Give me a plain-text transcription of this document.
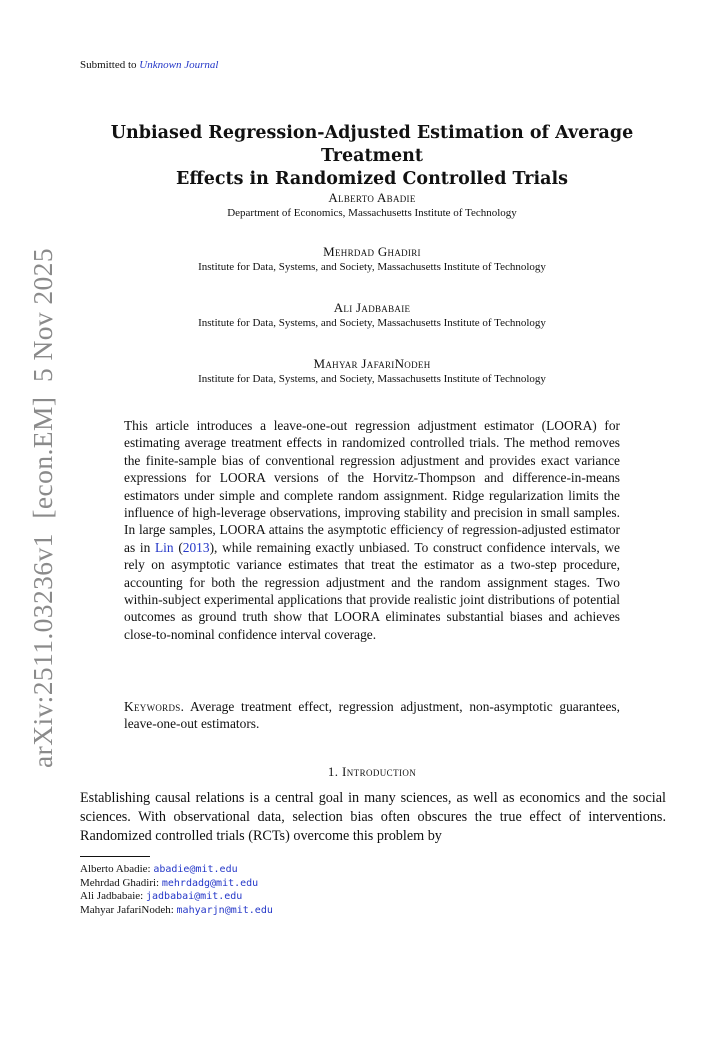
arXiv:2511.03236v1  [econ.EM]  5 Nov 2025
Submitted to Unknown Journal
Unbiased Regression-Adjusted Estimation of Average Treatment
Effects in Randomized Controlled Trials
Alberto Abadie
Department of Economics, Massachusetts Institute of Technology
Mehrdad Ghadiri
Institute for Data, Systems, and Society, Massachusetts Institute of Technology
Ali Jadbabaie
Institute for Data, Systems, and Society, Massachusetts Institute of Technology
Mahyar JafariNodeh
Institute for Data, Systems, and Society, Massachusetts Institute of Technology
This article introduces a leave-one-out regression adjustment estimator (LOORA) for estimating average treatment effects in randomized controlled trials. The method removes the finite-sample bias of conventional regression adjustment and provides exact variance expressions for LOORA versions of the Horvitz-Thompson and difference-in-means estimators under simple and complete random assignment. Ridge regularization limits the influence of high-leverage observations, improving stability and precision in small samples. In large samples, LOORA attains the asymptotic efficiency of regression-adjusted estimator as in Lin (2013), while remaining exactly unbiased. To construct confidence intervals, we rely on asymptotic variance estimates that treat the estimator as a two-step procedure, accounting for both the regression adjustment and the random assignment stages. Two within-subject experimental applications that provide realistic joint distributions of potential outcomes as ground truth show that LOORA eliminates substantial biases and achieves close-to-nominal confidence interval coverage.
Keywords. Average treatment effect, regression adjustment, non-asymptotic guarantees, leave-one-out estimators.
1. Introduction
Establishing causal relations is a central goal in many sciences, as well as economics and the social sciences. With observational data, selection bias often obscures the true effect of interventions. Randomized controlled trials (RCTs) overcome this problem by
Alberto Abadie: abadie@mit.edu
Mehrdad Ghadiri: mehrdadg@mit.edu
Ali Jadbabaie: jadbabai@mit.edu
Mahyar JafariNodeh: mahyarjn@mit.edu
